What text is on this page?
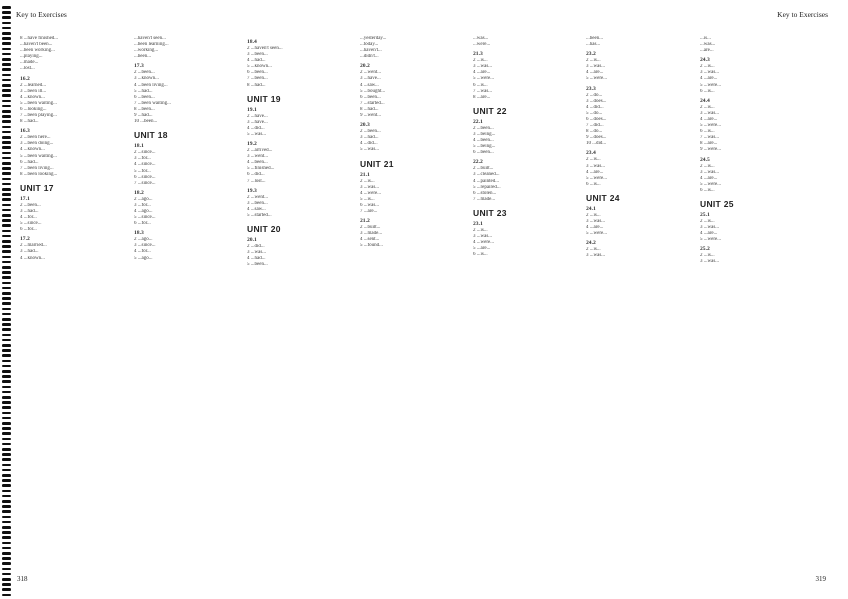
Key to Exercises	Key to Exercises
8 ...have finished...
...haven't been...
...been working...
...playing...
...made...
...lost...
16.2
2 ...learned...
3 ...been ill...
4 ...known...
5 ...been waiting...
6 ...looking...
7 ...been playing...
8 ...had...
16.3
2 ...been here...
3 ...been doing...
4 ...known...
5 ...been waiting...
6 ...had...
7 ...been living...
8 ...been looking...
UNIT 17
17.1
2 ...been...
3 ...had...
4 ...for...
5 ...since...
6 ...for...
17.2
2 ...married...
3 ...had...
4 ...known...
...haven't seen...
...been learning...
...working...
...been...
17.3
2 ...been...
3 ...known...
4 ...been living...
5 ...had...
6 ...been...
7 ...been waiting...
8 ...been...
9 ...had...
10 ...been...
UNIT 18
18.1
2 ...since...
3 ...for...
4 ...since...
5 ...for...
6 ...since...
7 ...since...
18.2
2 ...ago...
3 ...for...
4 ...ago...
5 ...since...
6 ...for...
18.3
2 ...ago...
3 ...since...
4 ...for...
5 ...ago...
18.4
2 ...haven't seen...
3 ...been...
4 ...had...
5 ...known...
6 ...been...
7 ...been...
8 ...had...
UNIT 19
19.1
2 ...have...
3 ...have...
4 ...did...
5 ...was...
19.2
2 ...arrived...
3 ...went...
4 ...been...
5 ...finished...
6 ...did...
7 ...lost...
19.3
2 ...went...
3 ...been...
4 ...saw...
5 ...started...
UNIT 20
20.1
2 ...did...
3 ...was...
4 ...had...
5 ...been...
...yesterday...
...today...
...haven't...
...didn't...
20.2
2 ...went...
3 ...have...
4 ...saw...
5 ...bought...
6 ...been...
7 ...started...
8 ...had...
9 ...went...
20.3
2 ...been...
3 ...had...
4 ...did...
5 ...was...
UNIT 21
21.1
2 ...is...
3 ...was...
4 ...were...
5 ...is...
6 ...was...
7 ...are...
21.2
2 ...built...
3 ...made...
4 ...sent...
5 ...found...
...was...
...were...
21.3
2 ...is...
3 ...was...
4 ...are...
5 ...were...
6 ...is...
7 ...was...
8 ...are...
UNIT 22
22.1
2 ...been...
3 ...being...
4 ...been...
5 ...being...
6 ...been...
22.2
2 ...built...
3 ...cleaned...
4 ...painted...
5 ...repaired...
6 ...stolen...
7 ...made...
UNIT 23
23.1
2 ...is...
3 ...was...
4 ...were...
5 ...are...
6 ...is...
...been...
...has...
23.2
2 ...is...
3 ...was...
4 ...are...
5 ...were...
23.3
2 ...do...
3 ...does...
4 ...did...
5 ...do...
6 ...does...
7 ...did...
8 ...do...
9 ...does...
10 ...did...
23.4
2 ...is...
3 ...was...
4 ...are...
5 ...were...
6 ...is...
UNIT 24
24.1
2 ...is...
3 ...was...
4 ...are...
5 ...were...
24.2
2 ...is...
3 ...was...
...is...
...was...
...are...
24.3
2 ...is...
3 ...was...
4 ...are...
5 ...were...
6 ...is...
24.4
2 ...is...
3 ...was...
4 ...are...
5 ...were...
6 ...is...
7 ...was...
8 ...are...
9 ...were...
24.5
2 ...is...
3 ...was...
4 ...are...
5 ...were...
6 ...is...
UNIT 25
25.1
2 ...is...
3 ...was...
4 ...are...
5 ...were...
25.2
2 ...is...
3 ...was...
318	319
